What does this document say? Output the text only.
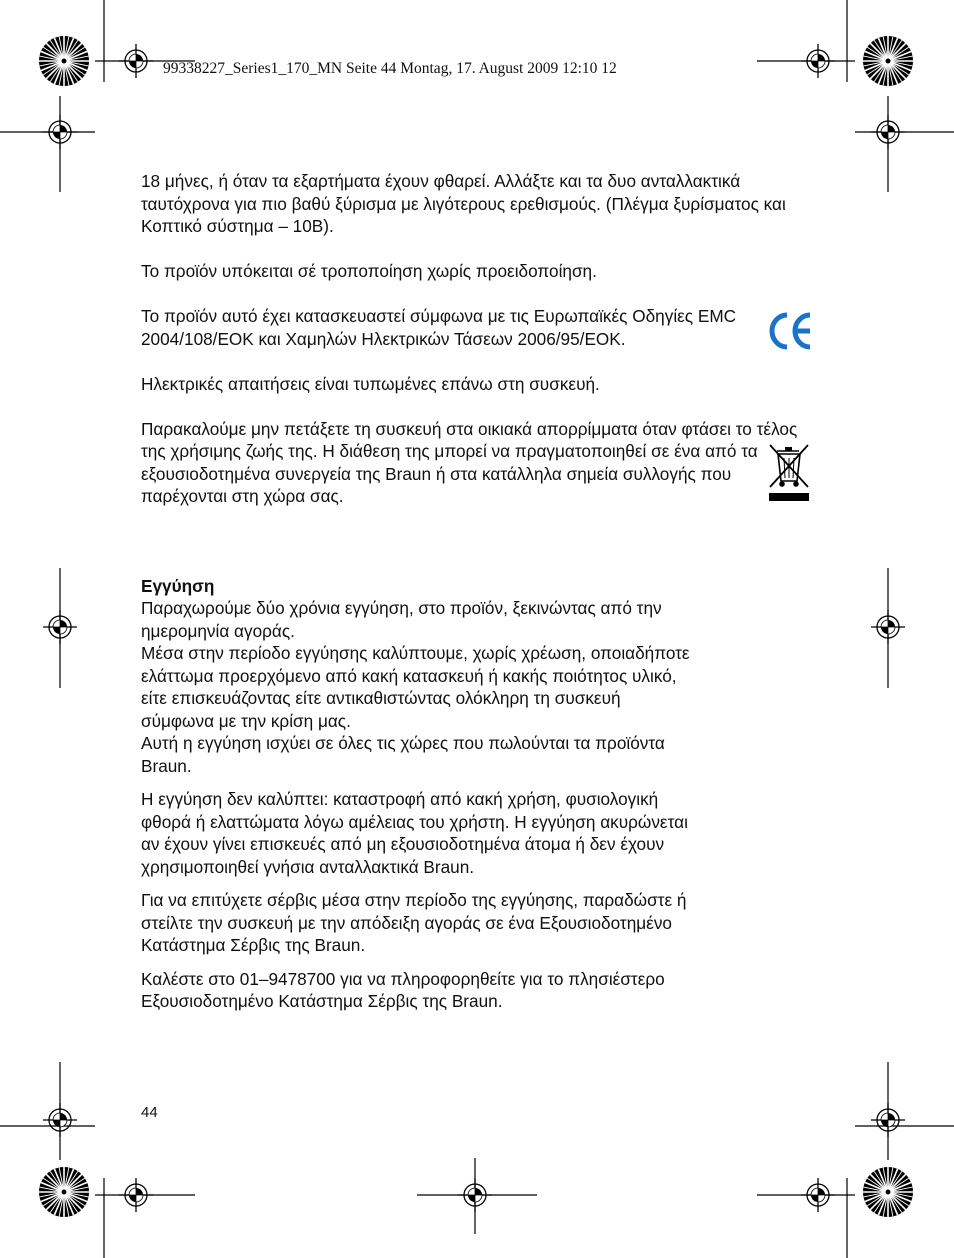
99338227_Series1_170_MN Seite 44 Montag, 17. August 2009 12:10 12

18 μήνες, ή όταν τα εξαρτήματα έχουν φθαρεί. Αλλάξτε και τα δυο ανταλλακτικά ταυτόχρονα για πιο βαθύ ξύρισμα με λιγότερους ερεθισμούς. (Πλέγμα ξυρίσματος και Κοπτικό σύστημα – 10B).

Το προϊόν υπόκειται σέ τροποποίηση χωρίς προειδοποίηση.

Το προϊόν αυτό έχει κατασκευαστεί σύμφωνα με τις Ευρωπαϊκές Οδηγίες EMC 2004/108/ΕΟΚ και Χαμηλών Ηλεκτρικών Τάσεων 2006/95/ΕΟΚ.

Ηλεκτρικές απαιτήσεις είναι τυπωμένες επάνω στη συσκευή.

Παρακαλούμε μην πετάξετε τη συσκευή στα οικιακά απορρίμματα όταν φτάσει το τέλος της χρήσιμης ζωής της. Η διάθεση της μπορεί να πραγματοποιηθεί σε ένα από τα εξουσιοδοτημένα συνεργεία της Braun ή στα κατάλληλα σημεία συλλογής που παρέχονται στη χώρα σας.

Εγγύηση

Παραχωρούμε δύο χρόνια εγγύηση, στο προϊόν, ξεκινώντας από την

ημερομηνία αγοράς.

Μέσα στην περίοδο εγγύησης καλύπτουμε, χωρίς χρέωση, οποιαδήποτε

ελάττωμα προερχόμενο από κακή κατασκευή ή κακής ποιότητος υλικό,

είτε επισκευάζοντας είτε αντικαθιστώντας ολόκληρη τη συσκευή

σύμφωνα με την κρίση μας.

Αυτή η εγγύηση ισχύει σε όλες τις χώρες που πωλούνται τα προϊόντα

Braun.

Η εγγύηση δεν καλύπτει: καταστροφή από κακή χρήση, φυσιολογική

φθορά ή ελαττώματα λόγω αμέλειας του χρήστη. Η εγγύηση ακυρώνεται

αν έχουν γίνει επισκευές από μη εξουσιοδοτημένα άτομα ή δεν έχουν

χρησιμοποιηθεί γνήσια ανταλλακτικά Braun.

Για να επιτύχετε σέρβις μέσα στην περίοδο της εγγύησης, παραδώστε ή

στείλτε την συσκευή με την απόδειξη αγοράς σε ένα Εξουσιοδοτημένο

Κατάστημα Σέρβις της Braun.

Καλέστε στο 01–9478700 για να πληροφορηθείτε για το πλησιέστερο

Εξουσιοδοτημένο Κατάστημα Σέρβις της Braun.

44
